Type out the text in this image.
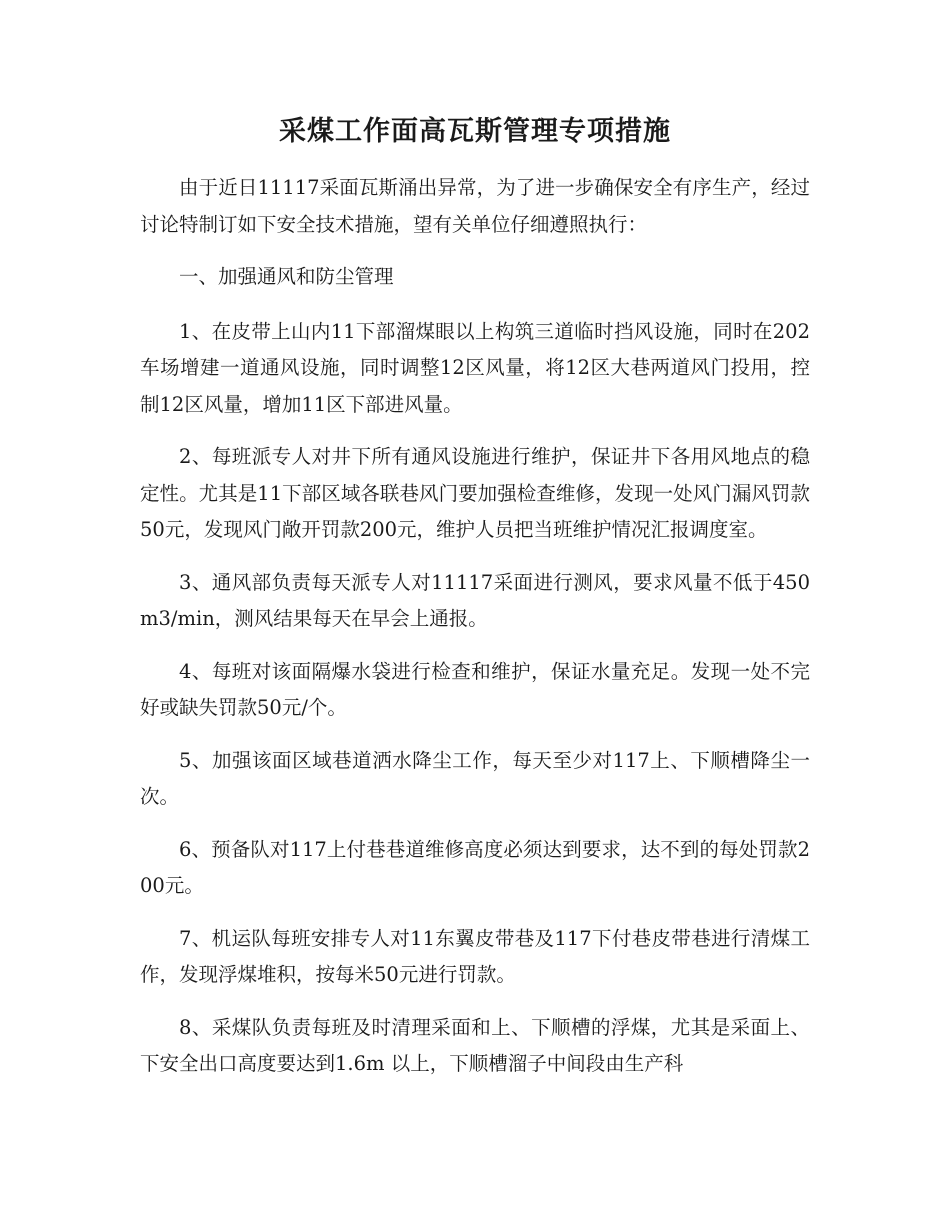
采煤工作面高瓦斯管理专项措施

由于近日11117采面瓦斯涌出异常，为了进一步确保安全有序生产，经过讨论特制订如下安全技术措施，望有关单位仔细遵照执行：

一、加强通风和防尘管理

1、在皮带上山内11下部溜煤眼以上构筑三道临时挡风设施，同时在202车场增建一道通风设施，同时调整12区风量，将12区大巷两道风门投用，控制12区风量，增加11区下部进风量。

2、每班派专人对井下所有通风设施进行维护，保证井下各用风地点的稳定性。尤其是11下部区域各联巷风门要加强检查维修，发现一处风门漏风罚款50元，发现风门敞开罚款200元，维护人员把当班维护情况汇报调度室。

3、通风部负责每天派专人对11117采面进行测风，要求风量不低于450m3/min，测风结果每天在早会上通报。

4、每班对该面隔爆水袋进行检查和维护，保证水量充足。发现一处不完好或缺失罚款50元/个。

5、加强该面区域巷道洒水降尘工作，每天至少对117上、下顺槽降尘一次。

6、预备队对117上付巷巷道维修高度必须达到要求，达不到的每处罚款200元。

7、机运队每班安排专人对11东翼皮带巷及117下付巷皮带巷进行清煤工作，发现浮煤堆积，按每米50元进行罚款。

8、采煤队负责每班及时清理采面和上、下顺槽的浮煤，尤其是采面上、下安全出口高度要达到1.6m 以上，下顺槽溜子中间段由生产科
